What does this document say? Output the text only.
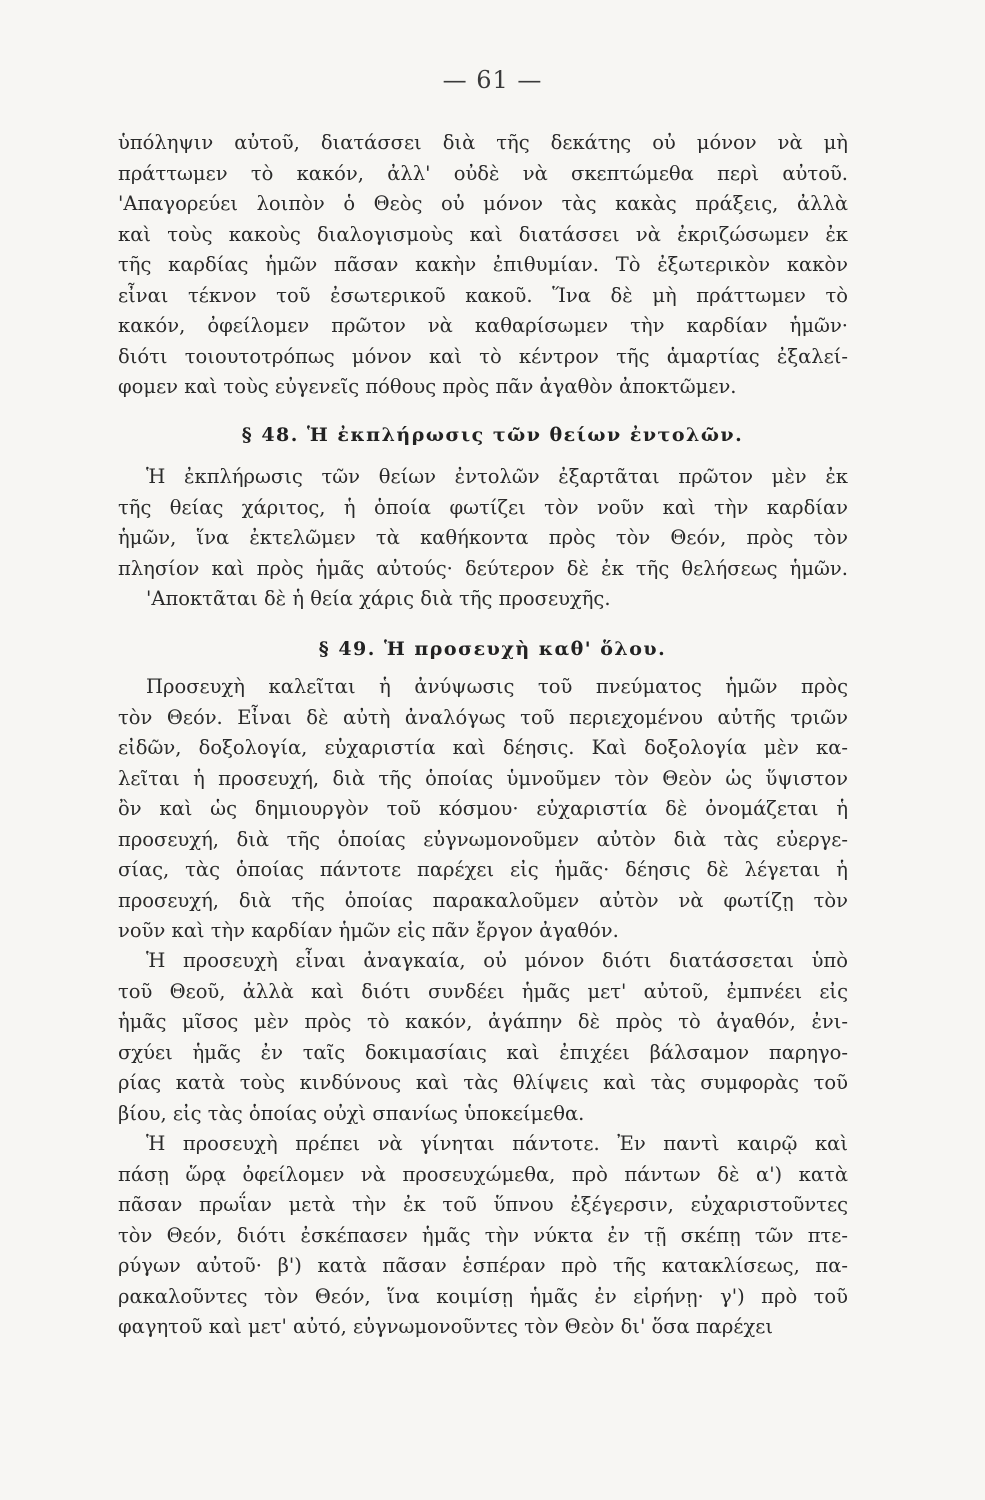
— 61 —
ὑπόληψιν αὐτοῦ, διατάσσει διὰ τῆς δεκάτης οὐ μόνον νὰ μὴ
πράττωμεν τὸ κακόν, ἀλλ' οὐδὲ νὰ σκεπτώμεθα περὶ αὐτοῦ.
'Απαγορεύει λοιπὸν ὁ Θεὸς οὐ μόνον τὰς κακὰς πράξεις, ἀλλὰ
καὶ τοὺς κακοὺς διαλογισμοὺς καὶ διατάσσει νὰ ἐκριζώσωμεν ἐκ
τῆς καρδίας ἡμῶν πᾶσαν κακὴν ἐπιθυμίαν. Τὸ ἐξωτερικὸν κακὸν
εἶναι τέκνον τοῦ ἐσωτερικοῦ κακοῦ. Ἵνα δὲ μὴ πράττωμεν τὸ
κακόν, ὀφείλομεν πρῶτον νὰ καθαρίσωμεν τὴν καρδίαν ἡμῶν·
διότι τοιουτοτρόπως μόνον καὶ τὸ κέντρον τῆς ἁμαρτίας ἐξαλεί-
φομεν καὶ τοὺς εὐγενεῖς πόθους πρὸς πᾶν ἀγαθὸν ἀποκτῶμεν.
§ 48. Ἡ ἐκπλήρωσις τῶν θείων ἐντολῶν.
Ἡ ἐκπλήρωσις τῶν θείων ἐντολῶν ἐξαρτᾶται πρῶτον μὲν ἐκ
τῆς θείας χάριτος, ἡ ὁποία φωτίζει τὸν νοῦν καὶ τὴν καρδίαν
ἡμῶν, ἵνα ἐκτελῶμεν τὰ καθήκοντα πρὸς τὸν Θεόν, πρὸς τὸν
πλησίον καὶ πρὸς ἡμᾶς αὐτούς· δεύτερον δὲ ἐκ τῆς θελήσεως ἡμῶν.
'Αποκτᾶται δὲ ἡ θεία χάρις διὰ τῆς προσευχῆς.
§ 49. Ἡ προσευχὴ καθ' ὅλου.
Προσευχὴ καλεῖται ἡ ἀνύψωσις τοῦ πνεύματος ἡμῶν πρὸς
τὸν Θεόν. Εἶναι δὲ αὐτὴ ἀναλόγως τοῦ περιεχομένου αὐτῆς τριῶν
εἰδῶν, δοξολογία, εὐχαριστία καὶ δέησις. Καὶ δοξολογία μὲν κα-
λεῖται ἡ προσευχή, διὰ τῆς ὁποίας ὑμνοῦμεν τὸν Θεὸν ὡς ὕψιστον
ὂν καὶ ὡς δημιουργὸν τοῦ κόσμου· εὐχαριστία δὲ ὀνομάζεται ἡ
προσευχή, διὰ τῆς ὁποίας εὐγνωμονοῦμεν αὐτὸν διὰ τὰς εὐεργε-
σίας, τὰς ὁποίας πάντοτε παρέχει εἰς ἡμᾶς· δέησις δὲ λέγεται ἡ
προσευχή, διὰ τῆς ὁποίας παρακαλοῦμεν αὐτὸν νὰ φωτίζῃ τὸν
νοῦν καὶ τὴν καρδίαν ἡμῶν εἰς πᾶν ἔργον ἀγαθόν.
Ἡ προσευχὴ εἶναι ἀναγκαία, οὐ μόνον διότι διατάσσεται ὑπὸ
τοῦ Θεοῦ, ἀλλὰ καὶ διότι συνδέει ἡμᾶς μετ' αὐτοῦ, ἐμπνέει εἰς
ἡμᾶς μῖσος μὲν πρὸς τὸ κακόν, ἀγάπην δὲ πρὸς τὸ ἀγαθόν, ἐνι-
σχύει ἡμᾶς ἐν ταῖς δοκιμασίαις καὶ ἐπιχέει βάλσαμον παρηγο-
ρίας κατὰ τοὺς κινδύνους καὶ τὰς θλίψεις καὶ τὰς συμφορὰς τοῦ
βίου, εἰς τὰς ὁποίας οὐχὶ σπανίως ὑποκείμεθα.
Ἡ προσευχὴ πρέπει νὰ γίνηται πάντοτε. Ἐν παντὶ καιρῷ καὶ
πάσῃ ὥρᾳ ὀφείλομεν νὰ προσευχώμεθα, πρὸ πάντων δὲ α') κατὰ
πᾶσαν πρωΐαν μετὰ τὴν ἐκ τοῦ ὕπνου ἐξέγερσιν, εὐχαριστοῦντες
τὸν Θεόν, διότι ἐσκέπασεν ἡμᾶς τὴν νύκτα ἐν τῇ σκέπῃ τῶν πτε-
ρύγων αὐτοῦ· β') κατὰ πᾶσαν ἑσπέραν πρὸ τῆς κατακλίσεως, πα-
ρακαλοῦντες τὸν Θεόν, ἵνα κοιμίσῃ ἡμᾶς ἐν εἰρήνῃ· γ') πρὸ τοῦ
φαγητοῦ καὶ μετ' αὐτό, εὐγνωμονοῦντες τὸν Θεὸν δι' ὅσα παρέχει
